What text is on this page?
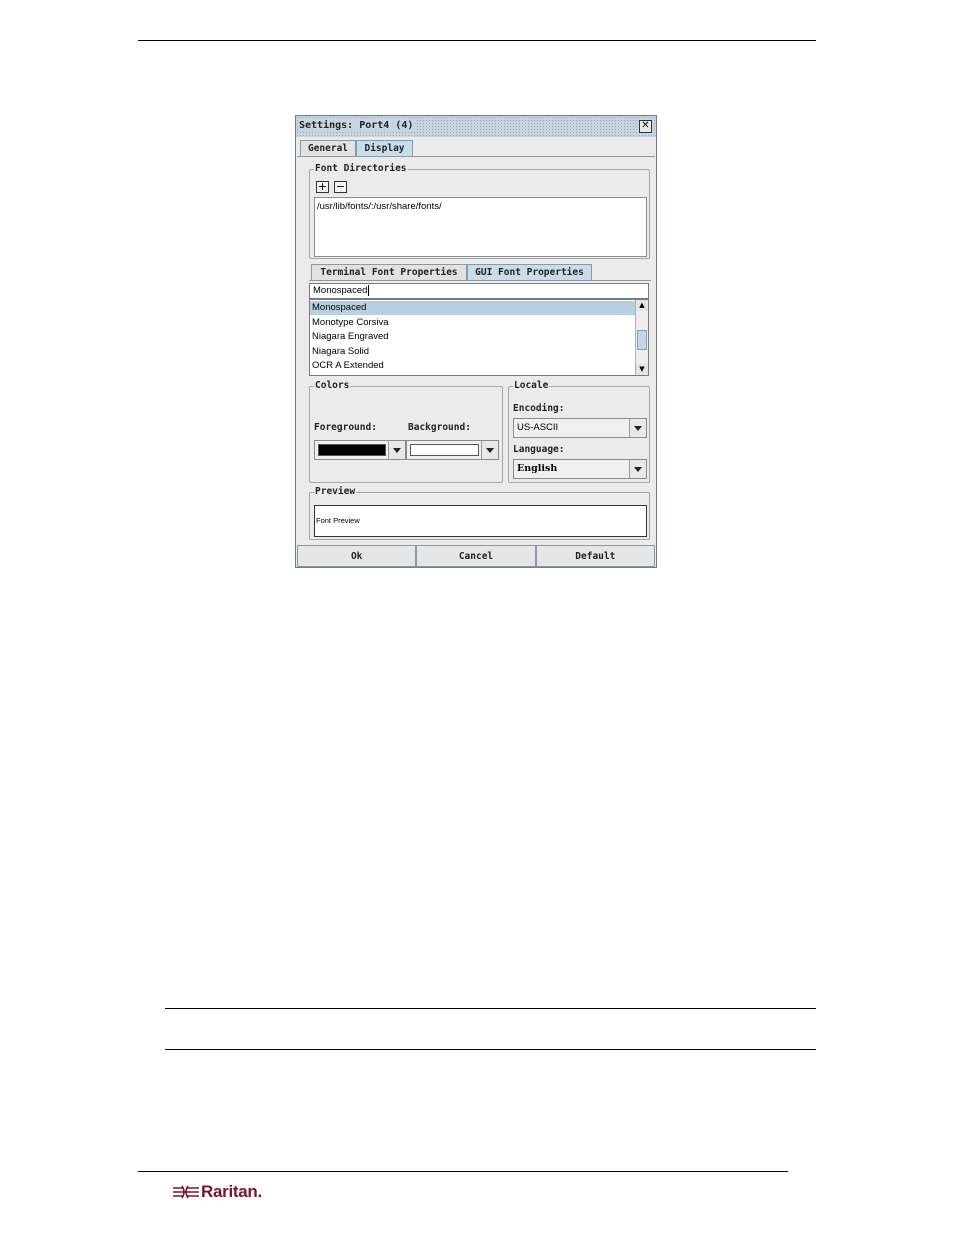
Settings: Port4 (4)	✕
General Display
Font Directories
+ −
/usr/lib/fonts/:/usr/share/fonts/
Terminal Font Properties GUI Font Properties
Colors
Foreground:	Background:
Locale
Encoding:
US-ASCII
Language:
English
Preview
Font Preview
Ok	Cancel	Default
Monospaced
Monospaced
Monotype Corsiva
Niagara Engraved
Niagara Solid
OCR A Extended
▲
▼
Raritan.
